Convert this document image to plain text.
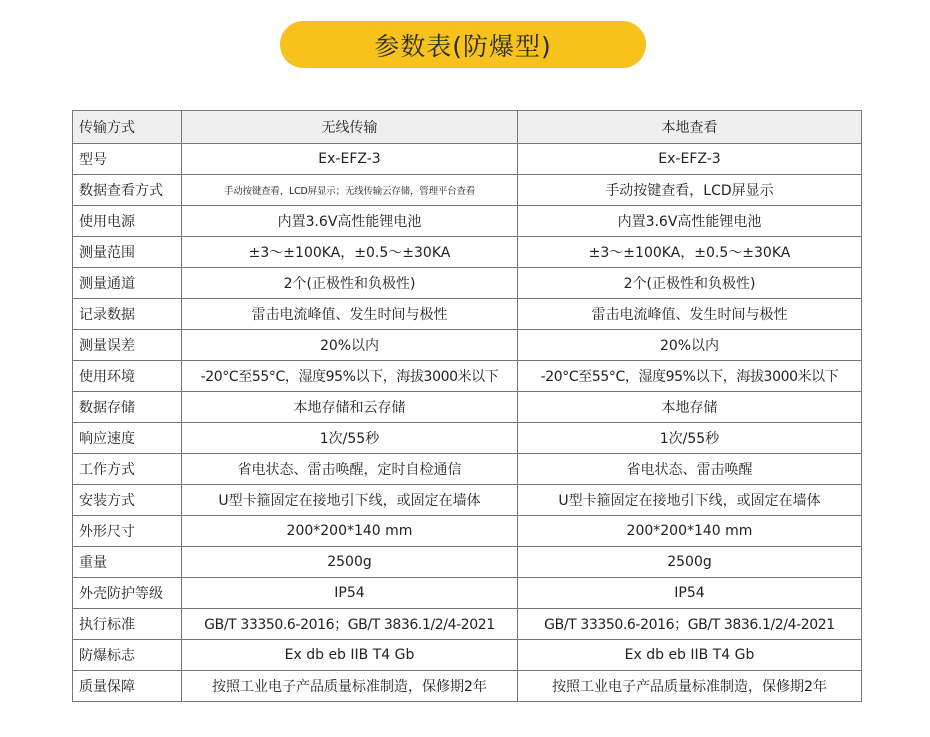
参数表(防爆型)
传输方式	无线传输	本地查看
型号	Ex-EFZ-3	Ex-EFZ-3
数据查看方式	手动按键查看，LCD屏显示；无线传输云存储，管理平台查看	手动按键查看，LCD屏显示
使用电源	内置3.6V高性能锂电池	内置3.6V高性能锂电池
测量范围	±3～±100KA，±0.5～±30KA	±3～±100KA，±0.5～±30KA
测量通道	2个(正极性和负极性)	2个(正极性和负极性)
记录数据	雷击电流峰值、发生时间与极性	雷击电流峰值、发生时间与极性
测量误差	20%以内	20%以内
使用环境	-20°C至55°C，湿度95%以下，海拔3000米以下	-20°C至55°C，湿度95%以下，海拔3000米以下
数据存储	本地存储和云存储	本地存储
响应速度	1次/55秒	1次/55秒
工作方式	省电状态、雷击唤醒，定时自检通信	省电状态、雷击唤醒
安装方式	U型卡箍固定在接地引下线，或固定在墙体	U型卡箍固定在接地引下线，或固定在墙体
外形尺寸	200*200*140 mm	200*200*140 mm
重量	2500g	2500g
外壳防护等级	IP54	IP54
执行标准	GB/T 33350.6-2016；GB/T 3836.1/2/4-2021	GB/T 33350.6-2016；GB/T 3836.1/2/4-2021
防爆标志	Ex db eb IIB T4 Gb	Ex db eb IIB T4 Gb
质量保障	按照工业电子产品质量标准制造，保修期2年	按照工业电子产品质量标准制造，保修期2年
